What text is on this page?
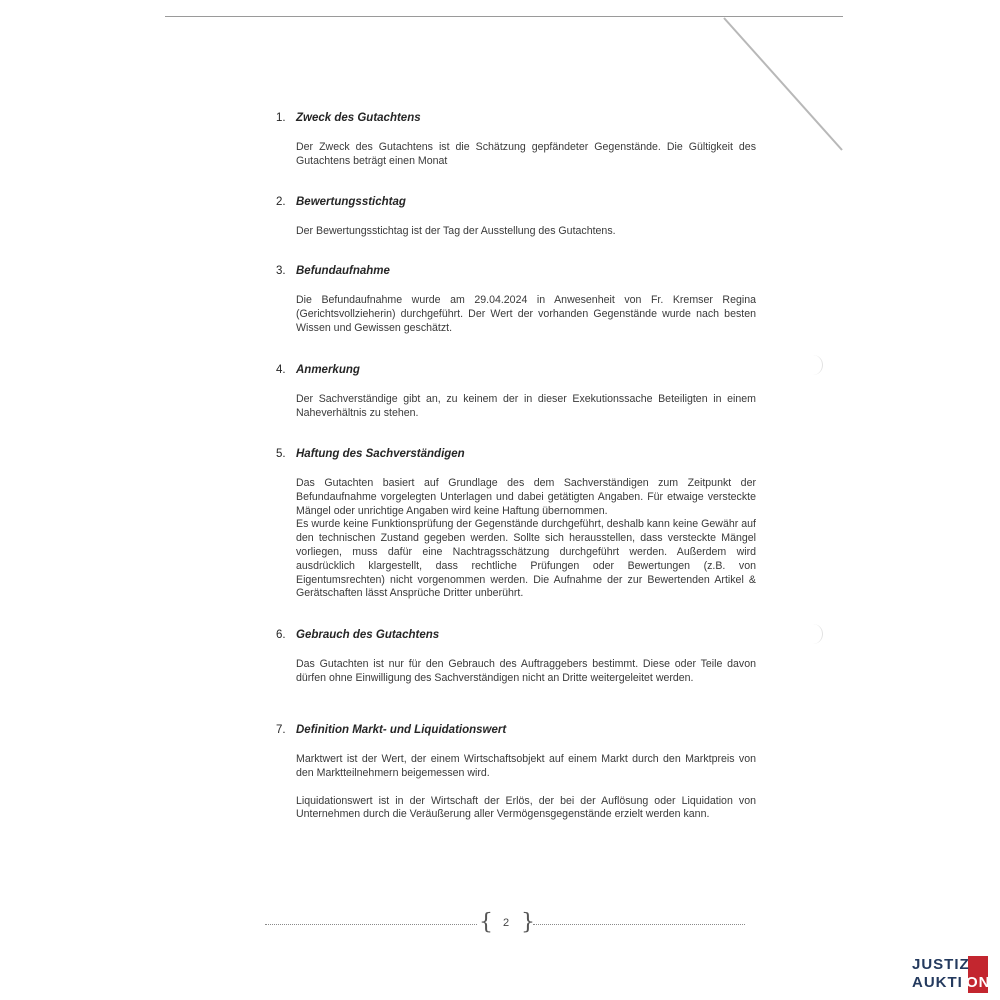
1. Zweck des Gutachtens

Der Zweck des Gutachtens ist die Schätzung gepfändeter Gegenstände. Die Gültigkeit des Gutachtens beträgt einen Monat

2. Bewertungsstichtag

Der Bewertungsstichtag ist der Tag der Ausstellung des Gutachtens.

3. Befundaufnahme

Die Befundaufnahme wurde am 29.04.2024 in Anwesenheit von Fr. Kremser Regina (Gerichtsvollzieherin) durchgeführt. Der Wert der vorhanden Gegenstände wurde nach besten Wissen und Gewissen geschätzt.

4. Anmerkung

Der Sachverständige gibt an, zu keinem der in dieser Exekutionssache Beteiligten in einem Naheverhältnis zu stehen.

5. Haftung des Sachverständigen

Das Gutachten basiert auf Grundlage des dem Sachverständigen zum Zeitpunkt der Befundaufnahme vorgelegten Unterlagen und dabei getätigten Angaben. Für etwaige versteckte Mängel oder unrichtige Angaben wird keine Haftung übernommen.

Es wurde keine Funktionsprüfung der Gegenstände durchgeführt, deshalb kann keine Gewähr auf den technischen Zustand gegeben werden. Sollte sich herausstellen, dass versteckte Mängel vorliegen, muss dafür eine Nachtragsschätzung durchgeführt werden. Außerdem wird ausdrücklich klargestellt, dass rechtliche Prüfungen oder Bewertungen (z.B. von Eigentumsrechten) nicht vorgenommen werden. Die Aufnahme der zur Bewertenden Artikel & Gerätschaften lässt Ansprüche Dritter unberührt.

6. Gebrauch des Gutachtens

Das Gutachten ist nur für den Gebrauch des Auftraggebers bestimmt. Diese oder Teile davon dürfen ohne Einwilligung des Sachverständigen nicht an Dritte weitergeleitet werden.

7. Definition Markt- und Liquidationswert

Marktwert ist der Wert, der einem Wirtschaftsobjekt auf einem Markt durch den Marktpreis von den Marktteilnehmern beigemessen wird.

Liquidationswert ist in der Wirtschaft der Erlös, der bei der Auflösung oder Liquidation von Unternehmen durch die Veräußerung aller Vermögensgegenstände erzielt werden kann.

{ 2 }
JUSTIZ
AUKTI ON
